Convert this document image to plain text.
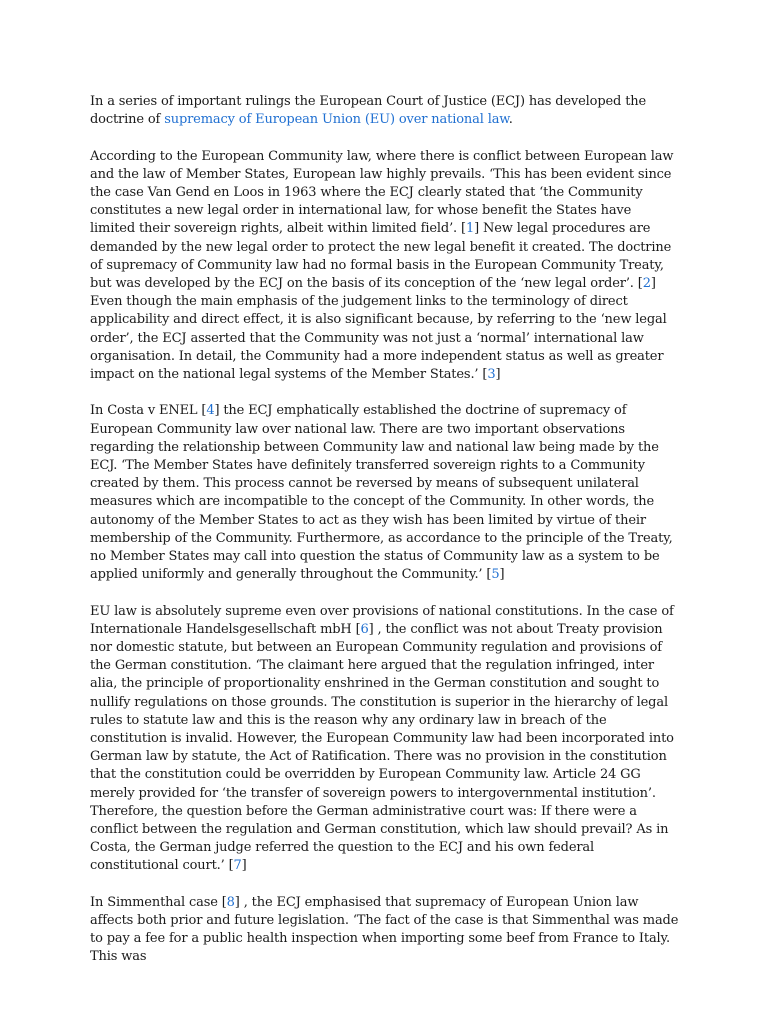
In a series of important rulings the European Court of Justice (ECJ) has developed the doctrine of supremacy of European Union (EU) over national law.

According to the European Community law, where there is conflict between European law and the law of Member States, European law highly prevails. ‘This has been evident since the case Van Gend en Loos in 1963 where the ECJ clearly stated that ‘the Community constitutes a new legal order in international law, for whose benefit the States have limited their sovereign rights, albeit within limited field’. [1] New legal procedures are demanded by the new legal order to protect the new legal benefit it created. The doctrine of supremacy of Community law had no formal basis in the European Community Treaty, but was developed by the ECJ on the basis of its conception of the ‘new legal order’. [2] Even though the main emphasis of the judgement links to the terminology of direct applicability and direct effect, it is also significant because, by referring to the ‘new legal order’, the ECJ asserted that the Community was not just a ‘normal’ international law organisation. In detail, the Community had a more independent status as well as greater impact on the national legal systems of the Member States.’ [3]

In Costa v ENEL [4] the ECJ emphatically established the doctrine of supremacy of European Community law over national law. There are two important observations regarding the relationship between Community law and national law being made by the ECJ. ‘The Member States have definitely transferred sovereign rights to a Community created by them. This process cannot be reversed by means of subsequent unilateral measures which are incompatible to the concept of the Community. In other words, the autonomy of the Member States to act as they wish has been limited by virtue of their membership of the Community. Furthermore, as accordance to the principle of the Treaty, no Member States may call into question the status of Community law as a system to be applied uniformly and generally throughout the Community.’ [5]

EU law is absolutely supreme even over provisions of national constitutions. In the case of Internationale Handelsgesellschaft mbH [6] , the conflict was not about Treaty provision nor domestic statute, but between an European Community regulation and provisions of the German constitution. ‘The claimant here argued that the regulation infringed, inter alia, the principle of proportionality enshrined in the German constitution and sought to nullify regulations on those grounds. The constitution is superior in the hierarchy of legal rules to statute law and this is the reason why any ordinary law in breach of the constitution is invalid. However, the European Community law had been incorporated into German law by statute, the Act of Ratification. There was no provision in the constitution that the constitution could be overridden by European Community law. Article 24 GG merely provided for ‘the transfer of sovereign powers to intergovernmental institution’. Therefore, the question before the German administrative court was: If there were a conflict between the regulation and German constitution, which law should prevail? As in Costa, the German judge referred the question to the ECJ and his own federal constitutional court.’ [7]

In Simmenthal case [8] , the ECJ emphasised that supremacy of European Union law affects both prior and future legislation. ‘The fact of the case is that Simmenthal was made to pay a fee for a public health inspection when importing some beef from France to Italy. This was
